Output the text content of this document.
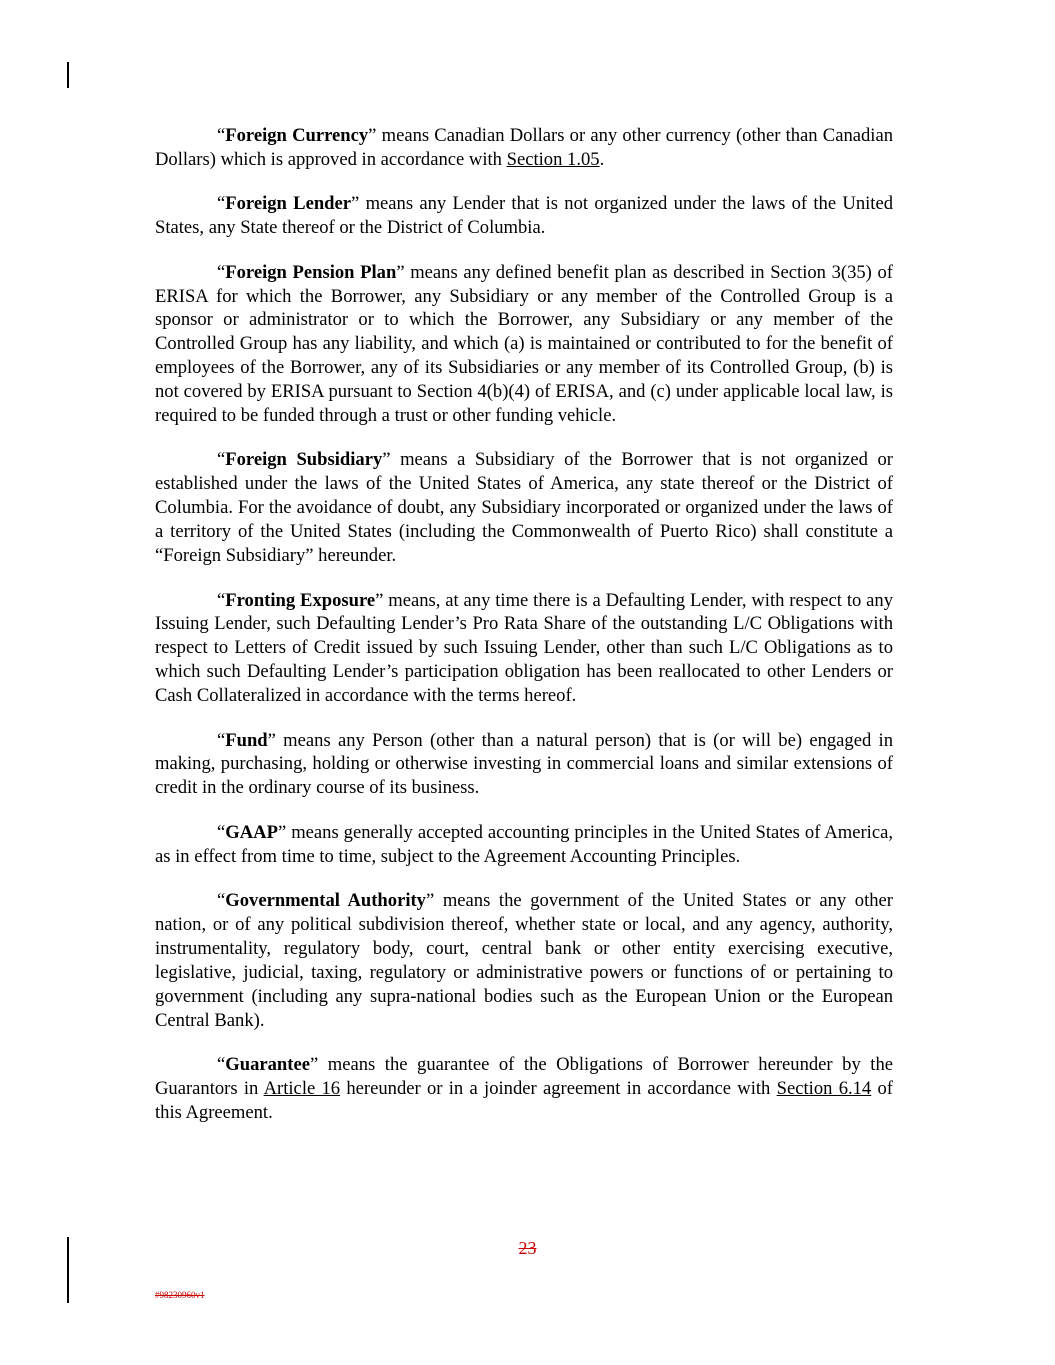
“Foreign Currency” means Canadian Dollars or any other currency (other than Canadian Dollars) which is approved in accordance with Section 1.05.

“Foreign Lender” means any Lender that is not organized under the laws of the United States, any State thereof or the District of Columbia.

“Foreign Pension Plan” means any defined benefit plan as described in Section 3(35) of ERISA for which the Borrower, any Subsidiary or any member of the Controlled Group is a sponsor or administrator or to which the Borrower, any Subsidiary or any member of the Controlled Group has any liability, and which (a) is maintained or contributed to for the benefit of employees of the Borrower, any of its Subsidiaries or any member of its Controlled Group, (b) is not covered by ERISA pursuant to Section 4(b)(4) of ERISA, and (c) under applicable local law, is required to be funded through a trust or other funding vehicle.

“Foreign Subsidiary” means a Subsidiary of the Borrower that is not organized or established under the laws of the United States of America, any state thereof or the District of Columbia. For the avoidance of doubt, any Subsidiary incorporated or organized under the laws of a territory of the United States (including the Commonwealth of Puerto Rico) shall constitute a “Foreign Subsidiary” hereunder.

“Fronting Exposure” means, at any time there is a Defaulting Lender, with respect to any Issuing Lender, such Defaulting Lender’s Pro Rata Share of the outstanding L/C Obligations with respect to Letters of Credit issued by such Issuing Lender, other than such L/C Obligations as to which such Defaulting Lender’s participation obligation has been reallocated to other Lenders or Cash Collateralized in accordance with the terms hereof.

“Fund” means any Person (other than a natural person) that is (or will be) engaged in making, purchasing, holding or otherwise investing in commercial loans and similar extensions of credit in the ordinary course of its business.

“GAAP” means generally accepted accounting principles in the United States of America, as in effect from time to time, subject to the Agreement Accounting Principles.

“Governmental Authority” means the government of the United States or any other nation, or of any political subdivision thereof, whether state or local, and any agency, authority, instrumentality, regulatory body, court, central bank or other entity exercising executive, legislative, judicial, taxing, regulatory or administrative powers or functions of or pertaining to government (including any supra-national bodies such as the European Union or the European Central Bank).

“Guarantee” means the guarantee of the Obligations of Borrower hereunder by the Guarantors in Article 16 hereunder or in a joinder agreement in accordance with Section 6.14 of this Agreement.

23
#98230960v1
